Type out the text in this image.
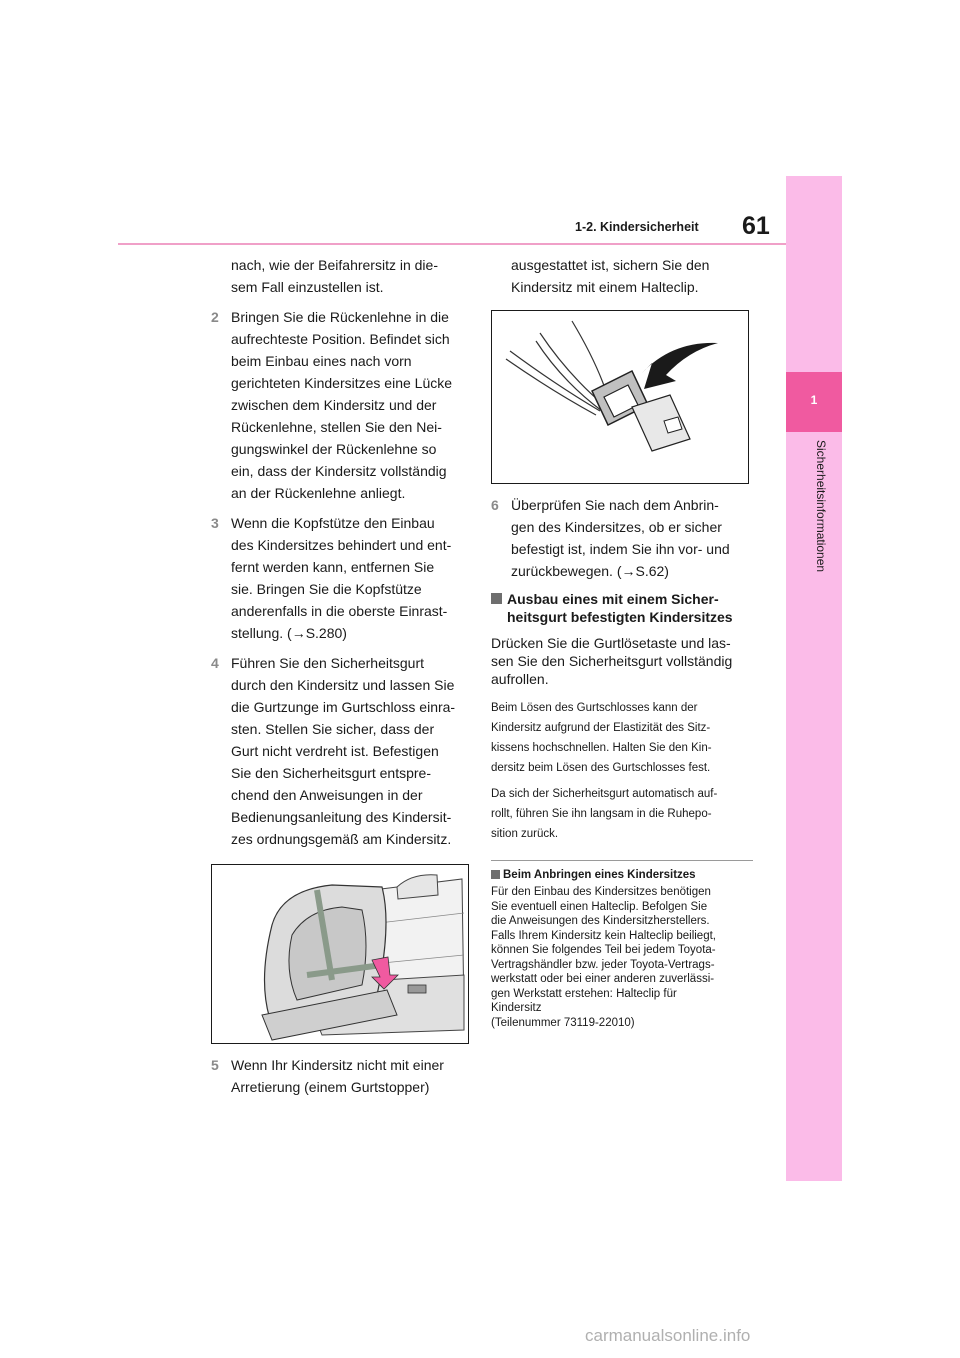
61
1-2. Kindersicherheit
1
Sicherheitsinformationen
nach, wie der Beifahrersitz in die-
sem Fall einzustellen ist.
2 Bringen Sie die Rückenlehne in die
aufrechteste Position. Befindet sich
beim Einbau eines nach vorn
gerichteten Kindersitzes eine Lücke
zwischen dem Kindersitz und der
Rückenlehne, stellen Sie den Nei-
gungswinkel der Rückenlehne so
ein, dass der Kindersitz vollständig
an der Rückenlehne anliegt.
3 Wenn die Kopfstütze den Einbau
des Kindersitzes behindert und ent-
fernt werden kann, entfernen Sie
sie. Bringen Sie die Kopfstütze
anderenfalls in die oberste Einrast-
stellung. (→S.280)
4 Führen Sie den Sicherheitsgurt
durch den Kindersitz und lassen Sie
die Gurtzunge im Gurtschloss einra-
sten. Stellen Sie sicher, dass der
Gurt nicht verdreht ist. Befestigen
Sie den Sicherheitsgurt entspre-
chend den Anweisungen in der
Bedienungsanleitung des Kindersit-
zes ordnungsgemäß am Kindersitz.
5 Wenn Ihr Kindersitz nicht mit einer
Arretierung (einem Gurtstopper)
ausgestattet ist, sichern Sie den
Kindersitz mit einem Halteclip.
6 Überprüfen Sie nach dem Anbrin-
gen des Kindersitzes, ob er sicher
befestigt ist, indem Sie ihn vor- und
zurückbewegen. (→S.62)
Ausbau eines mit einem Sicher-
heitsgurt befestigten Kindersitzes
Drücken Sie die Gurtlösetaste und las-
sen Sie den Sicherheitsgurt vollständig
aufrollen.
Beim Lösen des Gurtschlosses kann der
Kindersitz aufgrund der Elastizität des Sitz-
kissens hochschnellen. Halten Sie den Kin-
dersitz beim Lösen des Gurtschlosses fest.
Da sich der Sicherheitsgurt automatisch auf-
rollt, führen Sie ihn langsam in die Ruhepo-
sition zurück.
Beim Anbringen eines Kindersitzes
Für den Einbau des Kindersitzes benötigen
Sie eventuell einen Halteclip. Befolgen Sie
die Anweisungen des Kindersitzherstellers.
Falls Ihrem Kindersitz kein Halteclip beiliegt,
können Sie folgendes Teil bei jedem Toyota-
Vertragshändler bzw. jeder Toyota-Vertrags-
werkstatt oder bei einer anderen zuverlässi-
gen Werkstatt erstehen: Halteclip für
Kindersitz
(Teilenummer 73119-22010)
carmanualsonline.info
